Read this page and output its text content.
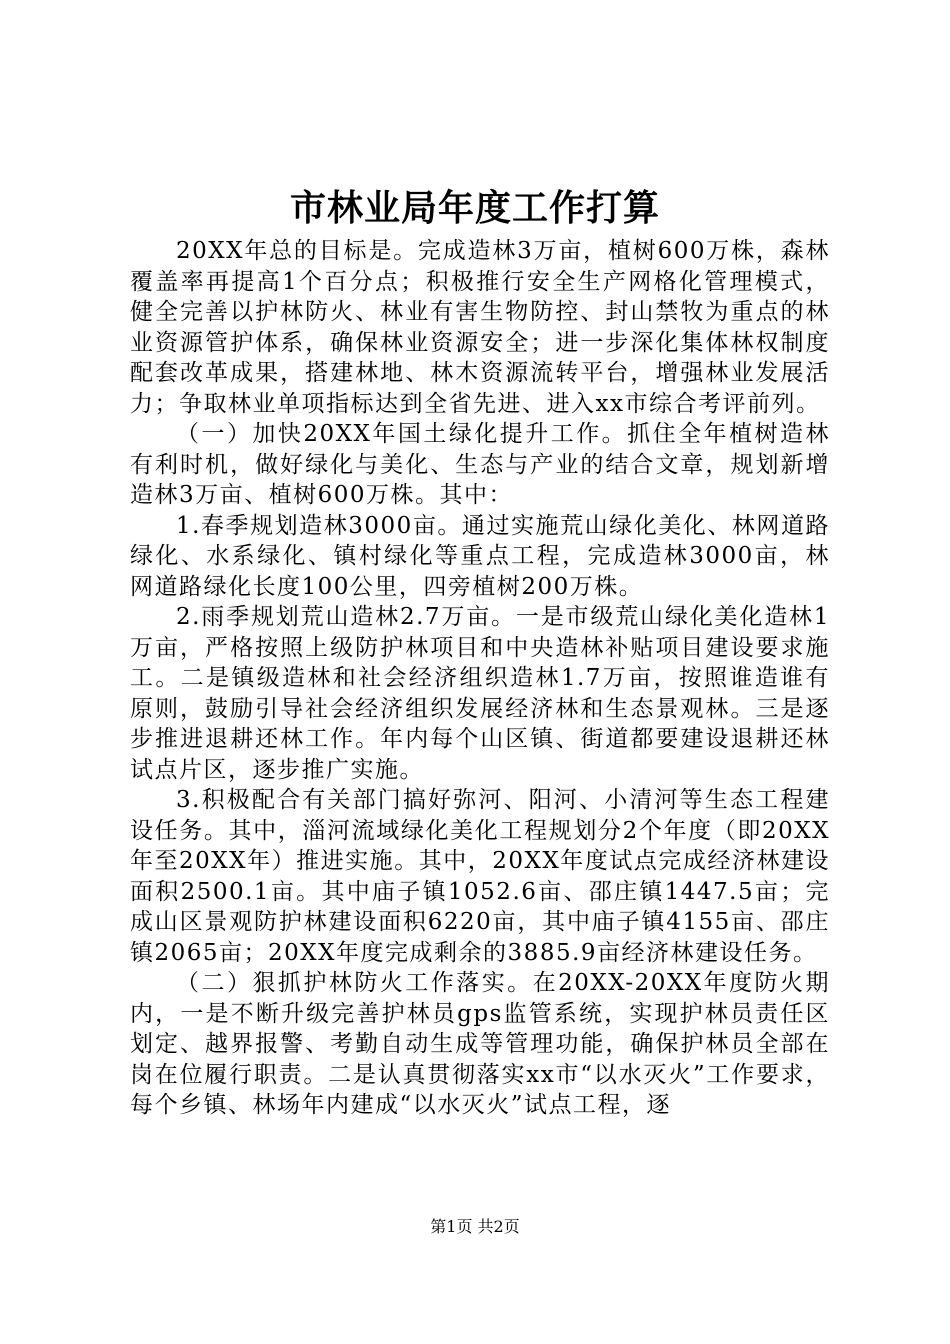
市林业局年度工作打算

20XX年总的目标是。完成造林3万亩，植树600万株，森林覆盖率再提高1个百分点；积极推行安全生产网格化管理模式，健全完善以护林防火、林业有害生物防控、封山禁牧为重点的林业资源管护体系，确保林业资源安全；进一步深化集体林权制度配套改革成果，搭建林地、林木资源流转平台，增强林业发展活力；争取林业单项指标达到全省先进、进入xx市综合考评前列。

（一）加快20XX年国土绿化提升工作。抓住全年植树造林有利时机，做好绿化与美化、生态与产业的结合文章，规划新增造林3万亩、植树600万株。其中：

1.春季规划造林3000亩。通过实施荒山绿化美化、林网道路绿化、水系绿化、镇村绿化等重点工程，完成造林3000亩，林网道路绿化长度100公里，四旁植树200万株。

2.雨季规划荒山造林2.7万亩。一是市级荒山绿化美化造林1万亩，严格按照上级防护林项目和中央造林补贴项目建设要求施工。二是镇级造林和社会经济组织造林1.7万亩，按照谁造谁有原则，鼓励引导社会经济组织发展经济林和生态景观林。三是逐步推进退耕还林工作。年内每个山区镇、街道都要建设退耕还林试点片区，逐步推广实施。

3.积极配合有关部门搞好弥河、阳河、小清河等生态工程建设任务。其中，淄河流域绿化美化工程规划分2个年度（即20XX年至20XX年）推进实施。其中，20XX年度试点完成经济林建设面积2500.1亩。其中庙子镇1052.6亩、邵庄镇1447.5亩；完成山区景观防护林建设面积6220亩，其中庙子镇4155亩、邵庄镇2065亩；20XX年度完成剩余的3885.9亩经济林建设任务。

（二）狠抓护林防火工作落实。在20XX-20XX年度防火期内，一是不断升级完善护林员gps监管系统，实现护林员责任区划定、越界报警、考勤自动生成等管理功能，确保护林员全部在岗在位履行职责。二是认真贯彻落实xx市“以水灭火”工作要求，每个乡镇、林场年内建成“以水灭火”试点工程，逐

第1页 共2页
